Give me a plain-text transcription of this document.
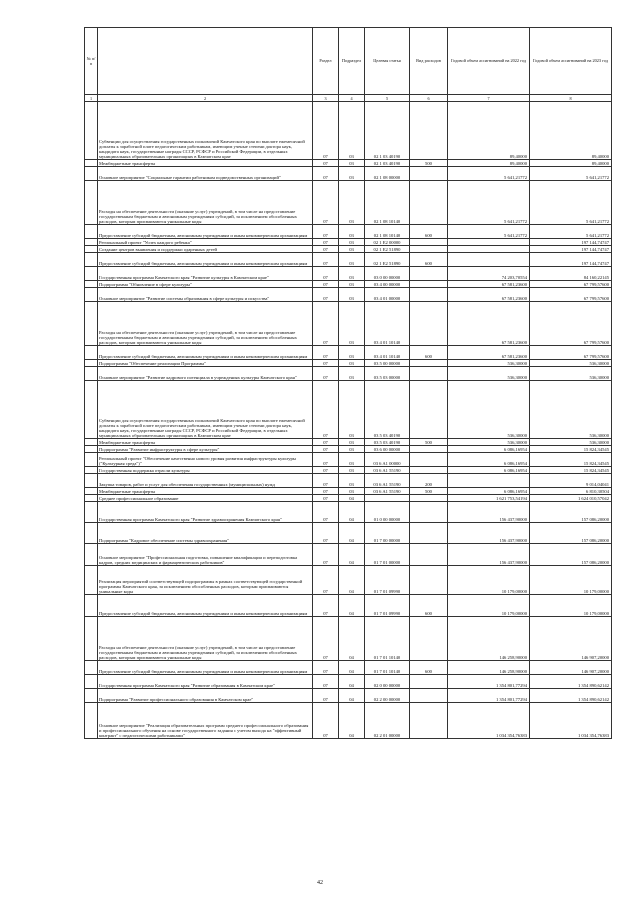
№ п/п		Раздел	Подраздел	Целевая статья	Вид расходов	Годовой объем ассигнований на 2022 год	Годовой объем ассигнований на 2023 год
1	2	3	4	5	6	7	8
	Субвенции для осуществления государственных полномочий Камчатского края по выплате ежемесячной доплаты к заработной плате педагогическим работникам, имеющим ученые степени доктора наук, кандидата наук, государственные награды СССР, РСФСР и Российской Федерации, в отдельных муниципальных образовательных организациях в Камчатском крае	07	03	02 1 03 40190		89,40000	89,40000
	Межбюджетные трансферты	07	03	02 1 03 40190	500	89,40000	89,40000
	Основное мероприятие "Социальные гарантии работникам подведомственных организаций"	07	03	02 1 08 00000		5 641,21772	5 641,21772
	Расходы на обеспечение деятельности (оказание услуг) учреждений, в том числе на предоставление государственным бюджетным и автономным учреждениям субсидий, за исключением обособленных расходов, которым присваиваются уникальные коды	07	03	02 1 08 10140		5 641,21772	5 641,21772
	Предоставление субсидий бюджетным, автономным учреждениям и иным некоммерческим организациям	07	03	02 1 08 10140	600	5 641,21772	5 641,21772
	Региональный проект "Успех каждого ребенка"	07	03	02 1 E2 00000			197 144,74747
	Создание центров выявления и поддержки одаренных детей	07	03	02 1 E2 51890			197 144,74747
	Предоставление субсидий бюджетным, автономным учреждениям и иным некоммерческим организациям	07	03	02 1 E2 51890	600		197 144,74747
	Государственная программа Камчатского края "Развитие культуры в Камчатском крае"	07	03	03 0 00 00000		74 203,70554	84 160,22145
	Подпрограмма "Обновление в сфере культуры"	07	03	03 4 00 00000		67 581,23600	67 799,57600
	Основное мероприятие "Развитие системы образования в сфере культуры и искусства"	07	03	03 4 01 00000		67 581,23600	67 799,57600
	Расходы на обеспечение деятельности (оказание услуг) учреждений, в том числе на предоставление государственным бюджетным и автономным учреждениям субсидий, за исключением обособленных расходов, которым присваиваются уникальные коды	07	03	03 4 01 10140		67 581,23600	67 799,57600
	Предоставление субсидий бюджетным, автономным учреждениям и иным некоммерческим организациям	07	03	03 4 01 10140	600	67 581,23600	67 799,57600
	Подпрограмма "Обеспечение реализации Программы"	07	03	03 5 00 00000		536,30000	536,30000
	Основное мероприятие "Развитие кадрового потенциала в учреждениях культуры Камчатского края"	07	03	03 5 03 00000		536,30000	536,30000
	Субвенции для осуществления государственных полномочий Камчатского края по выплате ежемесячной доплаты к заработной плате педагогическим работникам, имеющим ученые степени доктора наук, кандидата наук, государственные награды СССР, РСФСР и Российской Федерации, в отдельных муниципальных образовательных организациях в Камчатском крае	07	03	03 5 03 40190		536,30000	536,30000
	Межбюджетные трансферты	07	03	03 5 03 40190	500	536,30000	536,30000
	Подпрограмма "Развитие инфраструктуры в сфере культуры"	07	03	03 6 00 00000		6 086,16954	15 824,34545
	Региональный проект "Обеспечение качественно нового уровня развития инфраструктуры культуры ("Культурная среда")"	07	03	03 6 A1 00000		6 086,16954	15 824,34545
	Государственная поддержка отрасли культуры	07	03	03 6 A1 55190		6 086,16954	15 824,34545
	Закупка товаров, работ и услуг для обеспечения государственных (муниципальных) нужд	07	03	03 6 A1 55190	200		9 014,04041
	Межбюджетные трансферты	07	03	03 6 A1 55190	500	6 086,16954	6 810,30504
	Среднее профессиональное образование	07	04			1 621 753,54194	1 624 010,57042
	Государственная программа Камчатского края "Развитие здравоохранения Камчатского края"	07	04	01 0 00 00000		156 437,90000	157 086,20000
	Подпрограмма "Кадровое обеспечение системы здравоохранения"	07	04	01 7 00 00000		156 437,90000	157 086,20000
	Основное мероприятие "Профессиональная подготовка, повышение квалификации и переподготовка кадров, средних медицинских и фармацевтических работников"	07	04	01 7 01 00000		156 437,90000	157 086,20000
	Реализация мероприятий соответствующей подпрограммы в рамках соответствующей государственной программы Камчатского края, за исключением обособленных расходов, которым присваиваются уникальные коды	07	04	01 7 01 09990		10 179,00000	10 179,00000
	Предоставление субсидий бюджетным, автономным учреждениям и иным некоммерческим организациям	07	04	01 7 01 09990	600	10 179,00000	10 179,00000
	Расходы на обеспечение деятельности (оказание услуг) учреждений, в том числе на предоставление государственным бюджетным и автономным учреждениям субсидий, за исключением обособленных расходов, которым присваиваются уникальные коды	07	04	01 7 01 10140		146 258,90000	146 907,20000
	Предоставление субсидий бюджетным, автономным учреждениям и иным некоммерческим организациям	07	04	01 7 01 10140	600	146 258,90000	146 907,20000
	Государственная программа Камчатского края "Развитие образования в Камчатском крае"	07	04	02 0 00 00000		1 354 801,77294	1 354 890,62142
	Подпрограмма "Развитие профессионального образования в Камчатском крае"	07	04	02 2 00 00000		1 354 801,77294	1 354 890,62142
	Основное мероприятие "Реализация образовательных программ среднего профессионального образования и профессионального обучения на основе государственного задания с учетом выхода на "эффективный контракт" с педагогическими работниками"	07	04	02 2 01 00000		1 034 354,76383	1 034 354,76383
42
